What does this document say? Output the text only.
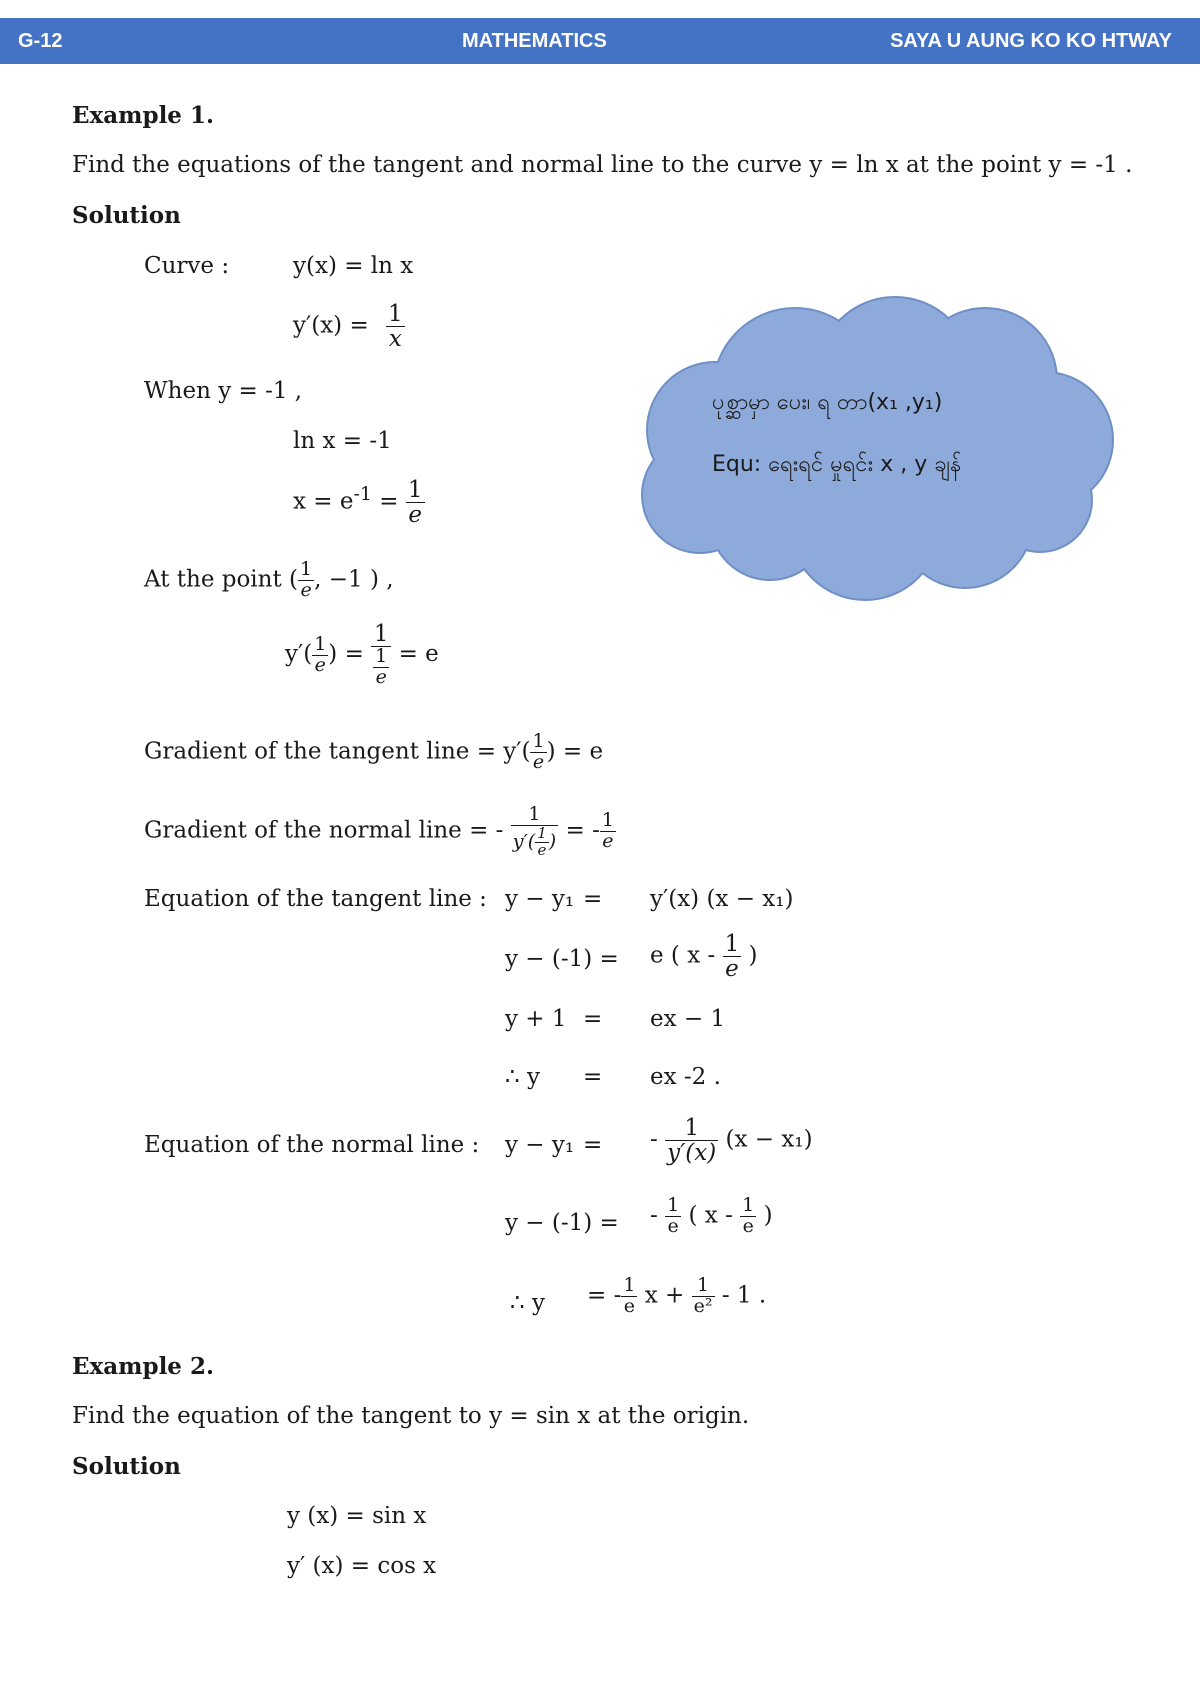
G-12	MATHEMATICS	SAYA U AUNG KO KO HTWAY
Example 1.
Find the equations of the tangent and normal line to the curve y = ln x at the point y = -1 .
Solution
Curve :	y(x) = ln x
$y'(x) = \frac{1}{x}$
When y = -1 ,
ln x = -1
$x = e^{-1} = \frac{1}{e}$
At the point ( $\frac{1}{e}$ , −1 ) ,
$y'( \frac{1}{e}$ ) = $\frac{1}{\frac{1}{e}} = e$
Gradient of the tangent line = $y'( \frac{1}{e}$ ) = e
Gradient of the normal line = - $\frac{1}{y'( \frac{1}{e} )}$ = - $\frac{1}{e}$
Equation of the tangent line : y − y₁ = y′(x) (x − x₁)
y − (-1) = e ( x - $\frac{1}{e}$ )
y + 1 = ex − 1
∴ y = ex -2 .
Equation of the normal line : y − y₁ = - $\frac{1}{y'(x)} (x - x_1)$
y − (-1) = - $\frac{1}{e}$ ( x - $\frac{1}{e}$ )
∴ y = - $\frac{1}{e}$ $x + \frac{1}{\text{e²}} - 1$ .
ပုစ္ဆာမှာ ပေး၊ ရ တာ(x₁ ,y₁)
Equ: ရေးရင် မှုရင်း x , y ချန်
Example 2.
Find the equation of the tangent to y = sin x at the origin.
Solution
y (x) = sin x
y′ (x) = cos x
